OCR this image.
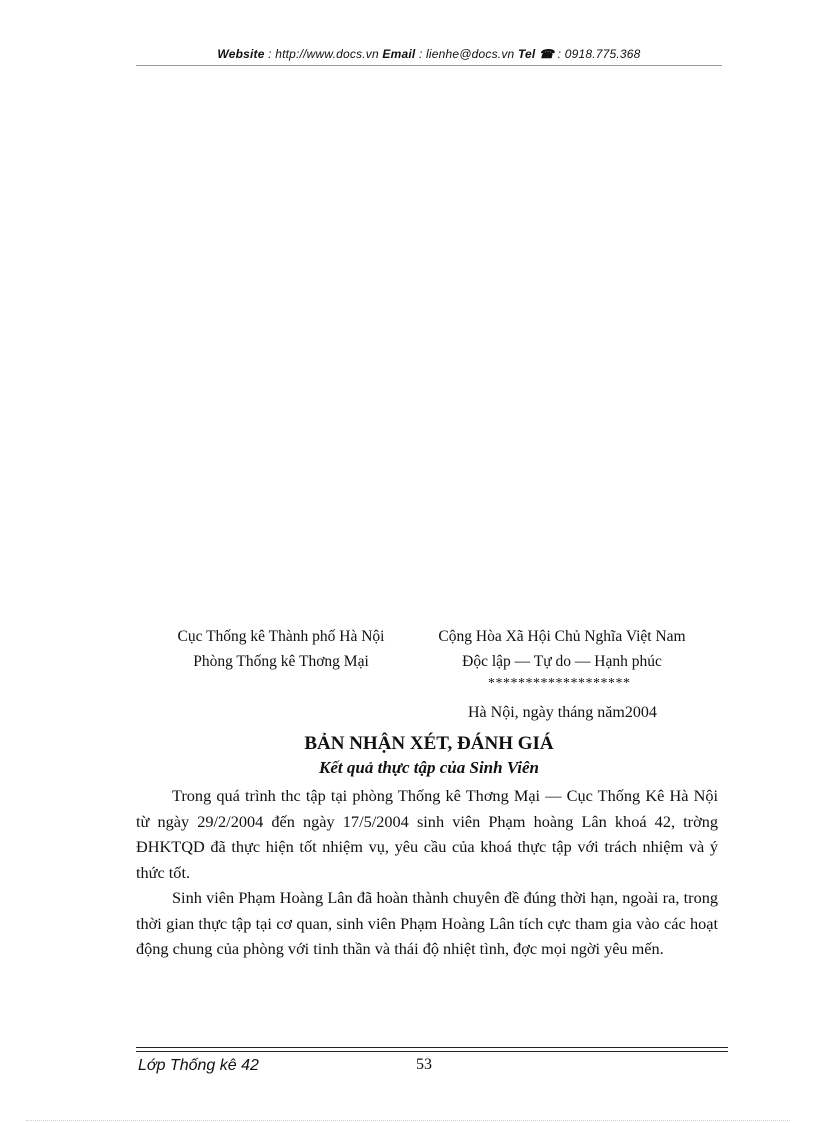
Website : http://www.docs.vn Email : lienhe@docs.vn Tel ☎ : 0918.775.368
Cục Thống kê Thành phố Hà Nội	Cộng Hòa Xã Hội Chủ Nghĩa Việt Nam
Phòng Thống kê Thơng Mại	Độc lập — Tự do — Hạnh phúc
*******************
Hà Nội, ngày tháng năm2004
BẢN NHẬN XÉT, ĐÁNH GIÁ
Kết quả thực tập của Sinh Viên

Trong quá trình thc tập tại phòng Thống kê Thơng Mại — Cục Thống Kê Hà Nội từ ngày 29/2/2004 đến ngày 17/5/2004 sinh viên Phạm hoàng Lân khoá 42, trờng ĐHKTQD đã thực hiện tốt nhiệm vụ, yêu cầu của khoá thực tập với trách nhiệm và ý thức tốt.

Sinh viên Phạm Hoàng Lân đã hoàn thành chuyên đề đúng thời hạn, ngoài ra, trong thời gian thực tập tại cơ quan, sinh viên Phạm Hoàng Lân tích cực tham gia vào các hoạt động chung của phòng với tinh thần và thái độ nhiệt tình, đợc mọi ngời yêu mến.

Lớp Thống kê 42	53
